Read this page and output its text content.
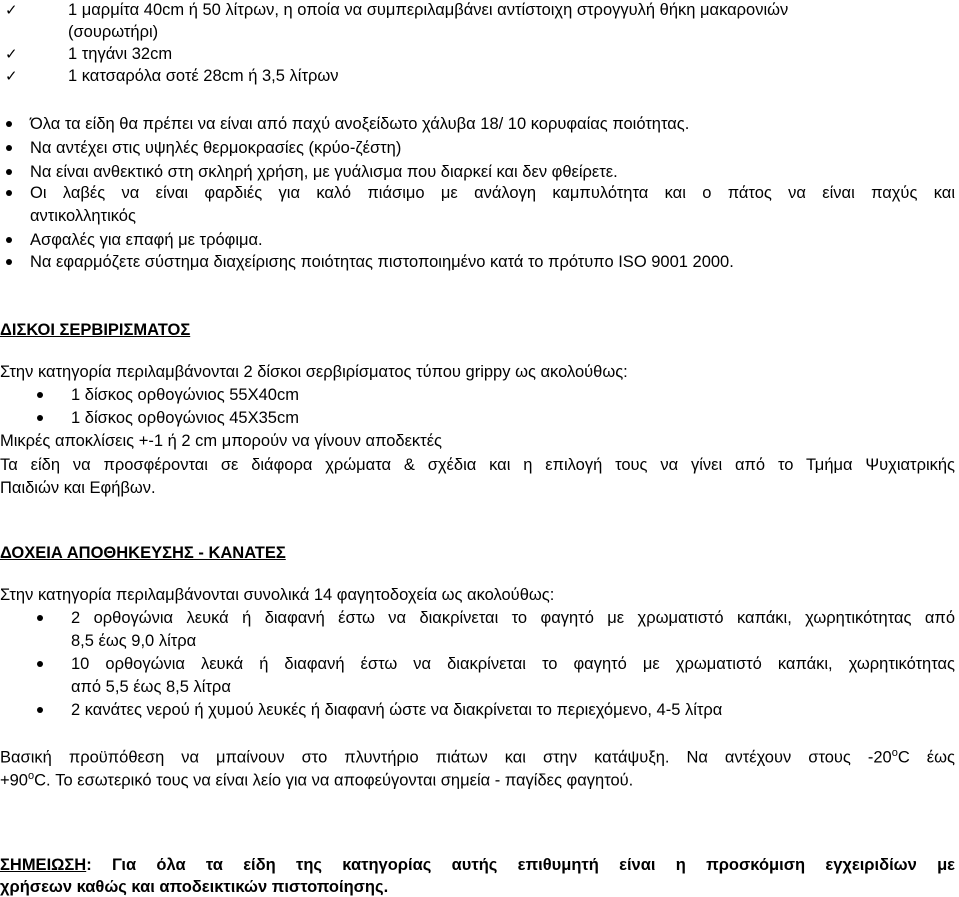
✓	1 μαρμίτα 40cm ή 50 λίτρων, η οποία να συμπεριλαμβάνει αντίστοιχη στρογγυλή θήκη μακαρονιών
(σουρωτήρι)
✓	1 τηγάνι 32cm
✓	1 κατσαρόλα σοτέ 28cm ή 3,5 λίτρων
Όλα τα είδη θα πρέπει να είναι από παχύ ανοξείδωτο χάλυβα 18/ 10 κορυφαίας ποιότητας.
Να αντέχει στις υψηλές θερμοκρασίες (κρύο-ζέστη)
Να είναι ανθεκτικό στη σκληρή χρήση, με γυάλισμα που διαρκεί και δεν φθείρετε.
Οι λαβές να είναι φαρδιές για καλό πιάσιμο με ανάλογη καμπυλότητα και ο πάτος να είναι παχύς και
αντικολλητικός
Ασφαλές για επαφή με τρόφιμα.
Να εφαρμόζετε σύστημα διαχείρισης ποιότητας πιστοποιημένο κατά το πρότυπο ISO 9001 2000.
ΔΙΣΚΟΙ ΣΕΡΒΙΡΙΣΜΑΤΟΣ
Στην κατηγορία περιλαμβάνονται 2 δίσκοι σερβιρίσματος τύπου grippy ως ακολούθως:
1 δίσκος ορθογώνιος 55Χ40cm
1 δίσκος ορθογώνιος 45Χ35cm
Μικρές αποκλίσεις +-1 ή 2 cm μπορούν να γίνουν αποδεκτές
Τα είδη να προσφέρονται σε διάφορα χρώματα & σχέδια και η επιλογή τους να γίνει από το Τμήμα Ψυχιατρικής
Παιδιών και Εφήβων.
ΔΟΧΕΙΑ ΑΠΟΘΗΚΕΥΣΗΣ - ΚΑΝΑΤΕΣ
Στην κατηγορία περιλαμβάνονται συνολικά 14 φαγητοδοχεία ως ακολούθως:
2 ορθογώνια λευκά ή διαφανή έστω να διακρίνεται το φαγητό με χρωματιστό καπάκι, χωρητικότητας από
8,5 έως 9,0 λίτρα
10 ορθογώνια λευκά ή διαφανή έστω να διακρίνεται το φαγητό με χρωματιστό καπάκι, χωρητικότητας
από 5,5 έως 8,5 λίτρα
2 κανάτες νερού ή χυμού λευκές ή διαφανή ώστε να διακρίνεται το περιεχόμενο, 4-5 λίτρα
Βασική προϋπόθεση να μπαίνουν στο πλυντήριο πιάτων και στην κατάψυξη. Να αντέχουν στους $-20^oC$ έως
$+90^oC$. Το εσωτερικό τους να είναι λείο για να αποφεύγονται σημεία - παγίδες φαγητού.
ΣΗΜΕΙΩΣΗ: Για όλα τα είδη της κατηγορίας αυτής επιθυμητή είναι η προσκόμιση εγχειριδίων με
χρήσεων καθώς και αποδεικτικών πιστοποίησης.
